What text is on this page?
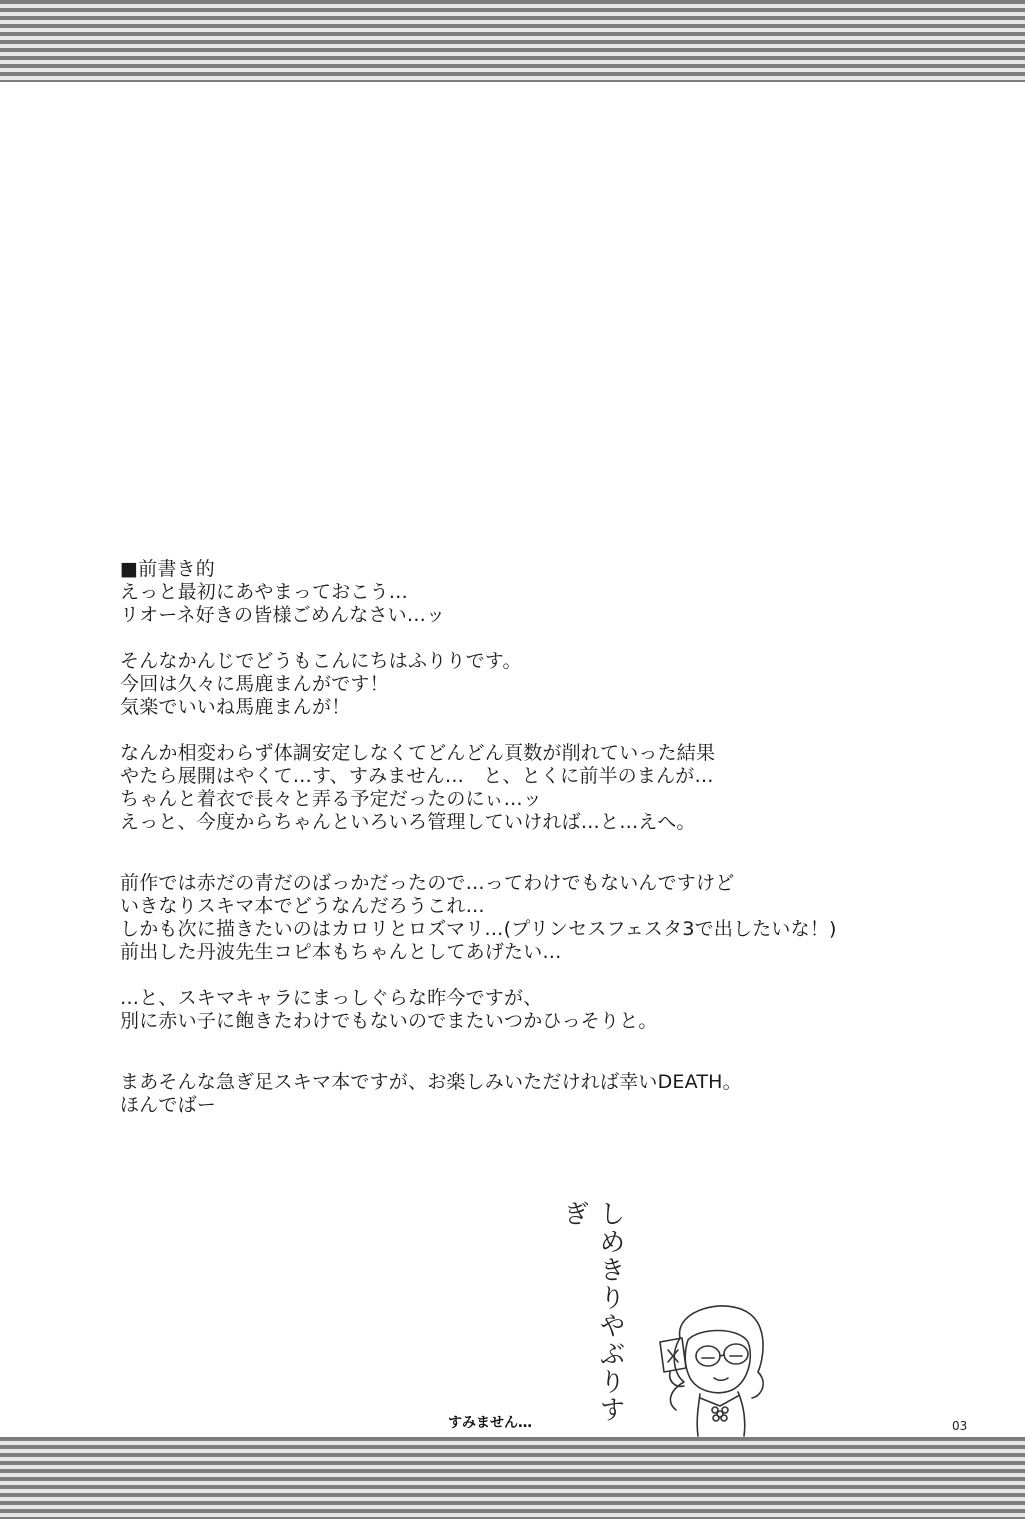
■前書き的
えっと最初にあやまっておこう…
リオーネ好きの皆様ごめんなさい…ッ
そんなかんじでどうもこんにちはふりりです。
今回は久々に馬鹿まんがです！
気楽でいいね馬鹿まんが！
なんか相変わらず体調安定しなくてどんどん頁数が削れていった結果
やたら展開はやくて…す、すみません…　と、とくに前半のまんが…
ちゃんと着衣で長々と弄る予定だったのにぃ…ッ
えっと、今度からちゃんといろいろ管理していければ…と…えへ。
前作では赤だの青だのばっかだったので…ってわけでもないんですけど
いきなりスキマ本でどうなんだろうこれ…
しかも次に描きたいのはカロリとロズマリ…(プリンセスフェスタ3で出したいな！)
前出した丹波先生コピ本もちゃんとしてあげたい…
…と、スキマキャラにまっしぐらな昨今ですが、
別に赤い子に飽きたわけでもないのでまたいつかひっそりと。
まあそんな急ぎ足スキマ本ですが、お楽しみいただければ幸いDEATH。
ほんでばー
しめきりやぶりすぎ
すみません…	03
